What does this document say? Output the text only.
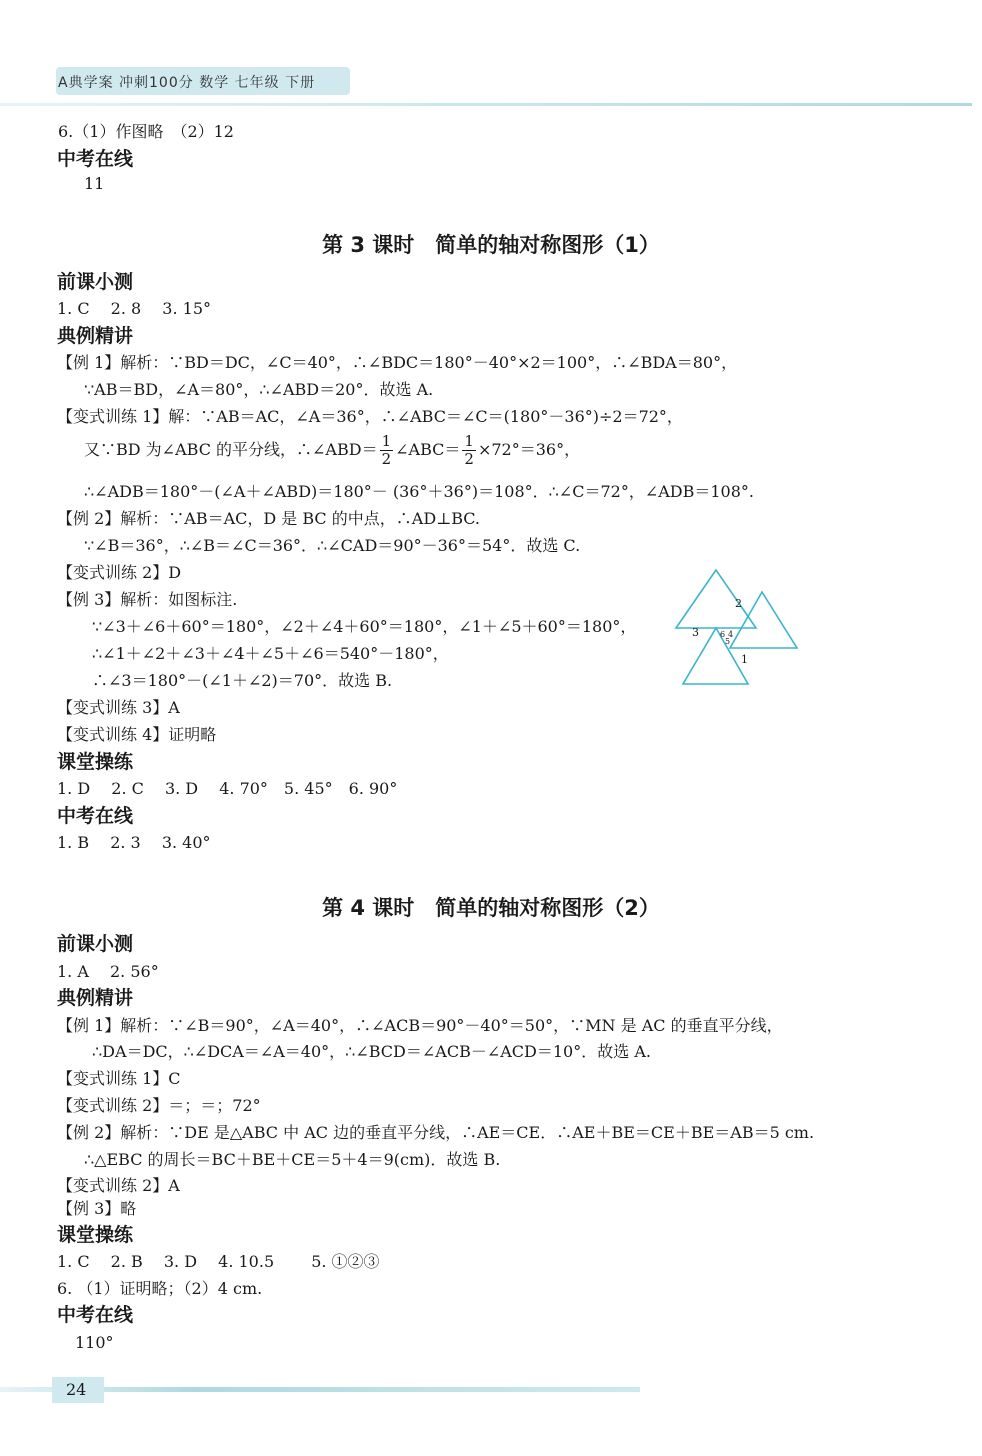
A典学案 冲刺100分 数学 七年级 下册
6.（1）作图略　（2）12
中考在线
11
第 3 课时　简单的轴对称图形（1）
前课小测
1. C　 2. 8　 3. 15°
典例精讲
【例 1】解析：∵BD＝DC，∠C＝40°，∴∠BDC＝180°－40°×2＝100°，∴∠BDA＝80°，
∵AB＝BD，∠A＝80°，∴∠ABD＝20°．故选 A.
【变式训练 1】解：∵AB＝AC，∠A＝36°，∴∠ABC＝∠C＝(180°－36°)÷2＝72°，
又∵BD 为∠ABC 的平分线，∴∠ABD＝ $\frac{1}{2}$ ∠ABC＝ $\frac{1}{2} \times 72^\circ=36^\circ$，
∴∠ADB＝180°－(∠A＋∠ABD)＝180°－ (36°＋36°)＝108°．∴∠C＝72°，∠ADB＝108°.
【例 2】解析：∵AB＝AC，D 是 BC 的中点，∴AD⊥BC.
∵∠B＝36°，∴∠B＝∠C＝36°．∴∠CAD＝90°－36°＝54°．故选 C.
【变式训练 2】D
【例 3】解析：如图标注.
∵∠3＋∠6＋60°＝180°，∠2＋∠4＋60°＝180°，∠1＋∠5＋60°＝180°，
∴∠1＋∠2＋∠3＋∠4＋∠5＋∠6＝540°－180°，
∴∠3＝180°－(∠1＋∠2)＝70°．故选 B.
【变式训练 3】A
【变式训练 4】证明略
课堂操练
1. D　 2. C　 3. D　 4. 70°　5. 45°　6. 90°
中考在线
1. B　 2. 3　 3. 40°
2
3
1
6 4
5
第 4 课时　简单的轴对称图形（2）
前课小测
1. A　 2. 56°
典例精讲
【例 1】解析：∵∠B＝90°，∠A＝40°，∴∠ACB＝90°－40°＝50°，∵MN 是 AC 的垂直平分线，
∴DA＝DC，∴∠DCA＝∠A＝40°，∴∠BCD＝∠ACB－∠ACD＝10°．故选 A.
【变式训练 1】C
【变式训练 2】＝；＝；72°
【例 2】解析：∵DE 是△ABC 中 AC 边的垂直平分线，∴AE＝CE．∴AE＋BE＝CE＋BE＝AB＝5 cm.
∴△EBC 的周长＝BC＋BE＋CE＝5＋4＝9(cm)．故选 B.
【变式训练 2】A
【例 3】略
课堂操练
1. C　 2. B　 3. D　 4. 10.5　　 5. ①②③
6. （1）证明略；（2）4 cm.
中考在线
110°
24
